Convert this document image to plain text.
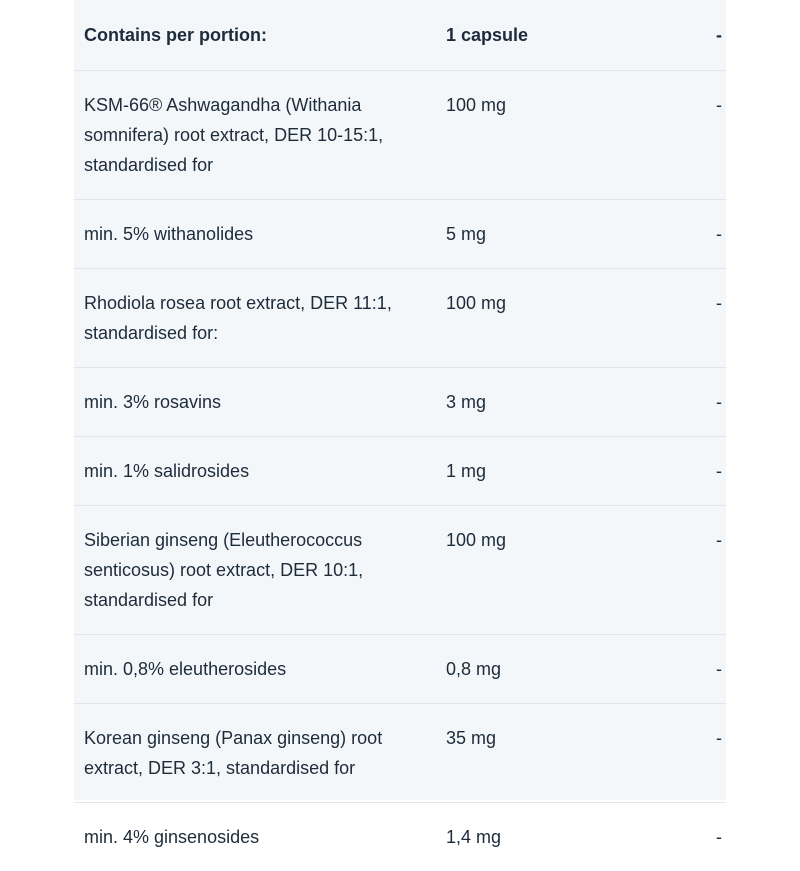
Contains per portion:	1 capsule	-
KSM-66® Ashwagandha (Withania somnifera) root extract, DER 10-15:1, standardised for	100 mg	-
min. 5% withanolides	5 mg	-
Rhodiola rosea root extract, DER 11:1, standardised for:	100 mg	-
min. 3% rosavins	3 mg	-
min. 1% salidrosides	1 mg	-
Siberian ginseng (Eleutherococcus senticosus) root extract, DER 10:1, standardised for	100 mg	-
min. 0,8% eleutherosides	0,8 mg	-
Korean ginseng (Panax ginseng) root extract, DER 3:1, standardised for	35 mg	-
min. 4% ginsenosides	1,4 mg	-
